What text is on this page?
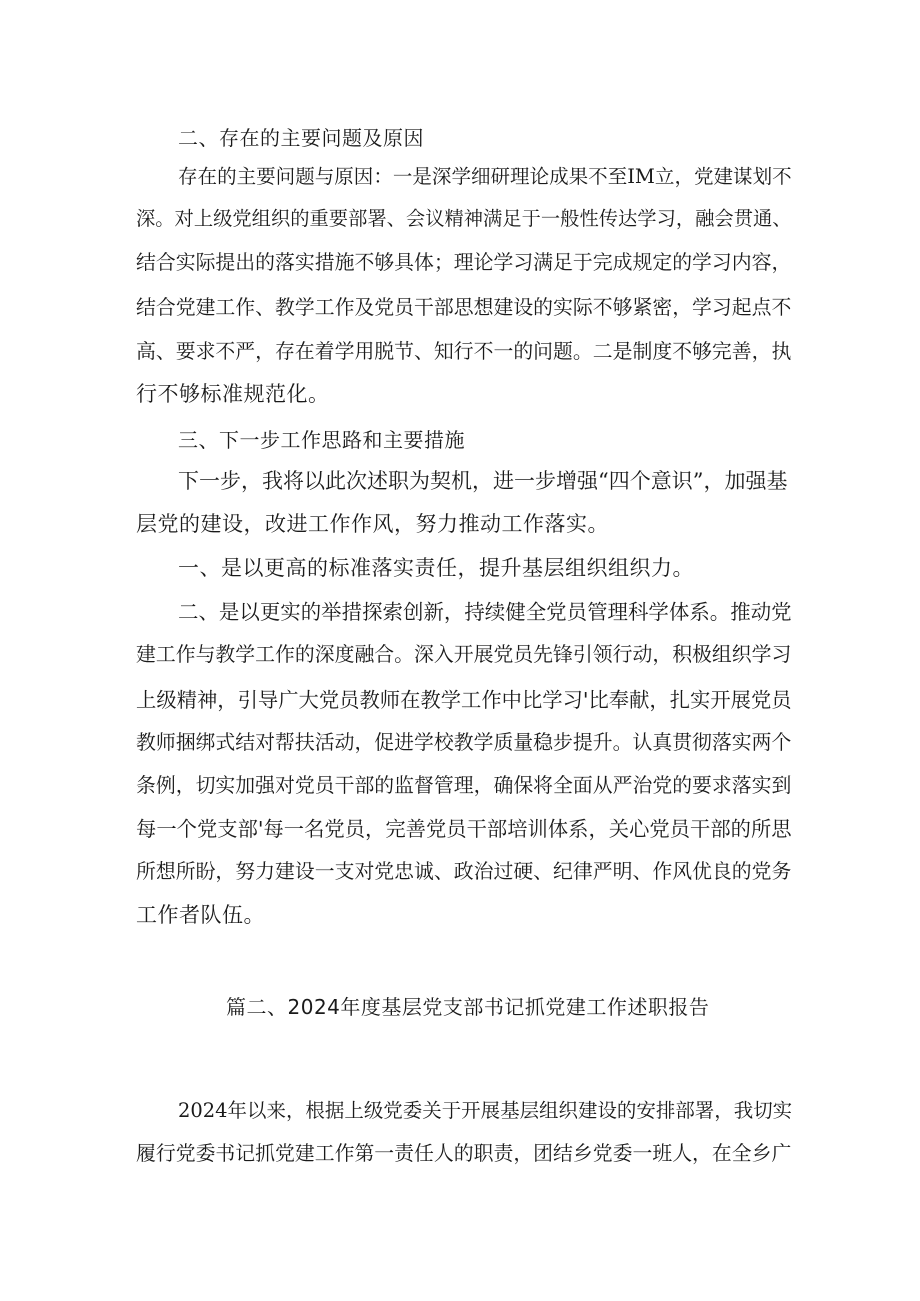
二、存在的主要问题及原因
存在的主要问题与原因：一是深学细研理论成果不至IM立，党建谋划不
深。对上级党组织的重要部署、会议精神满足于一般性传达学习，融会贯通、
结合实际提出的落实措施不够具体；理论学习满足于完成规定的学习内容，
结合党建工作、教学工作及党员干部思想建设的实际不够紧密，学习起点不
高、要求不严，存在着学用脱节、知行不一的问题。二是制度不够完善，执
行不够标准规范化。
三、下一步工作思路和主要措施
下一步，我将以此次述职为契机，进一步增强“四个意识”，加强基
层党的建设，改进工作作风，努力推动工作落实。
一、是以更高的标准落实责任，提升基层组织组织力。
二、是以更实的举措探索创新，持续健全党员管理科学体系。推动党
建工作与教学工作的深度融合。深入开展党员先锋引领行动，积极组织学习
上级精神，引导广大党员教师在教学工作中比学习'比奉献，扎实开展党员
教师捆绑式结对帮扶活动，促进学校教学质量稳步提升。认真贯彻落实两个
条例，切实加强对党员干部的监督管理，确保将全面从严治党的要求落实到
每一个党支部'每一名党员，完善党员干部培训体系，关心党员干部的所思
所想所盼，努力建设一支对党忠诚、政治过硬、纪律严明、作风优良的党务
工作者队伍。
篇二、2024年度基层党支部书记抓党建工作述职报告
2024年以来，根据上级党委关于开展基层组织建设的安排部署，我切实
履行党委书记抓党建工作第一责任人的职责，团结乡党委一班人，在全乡广
